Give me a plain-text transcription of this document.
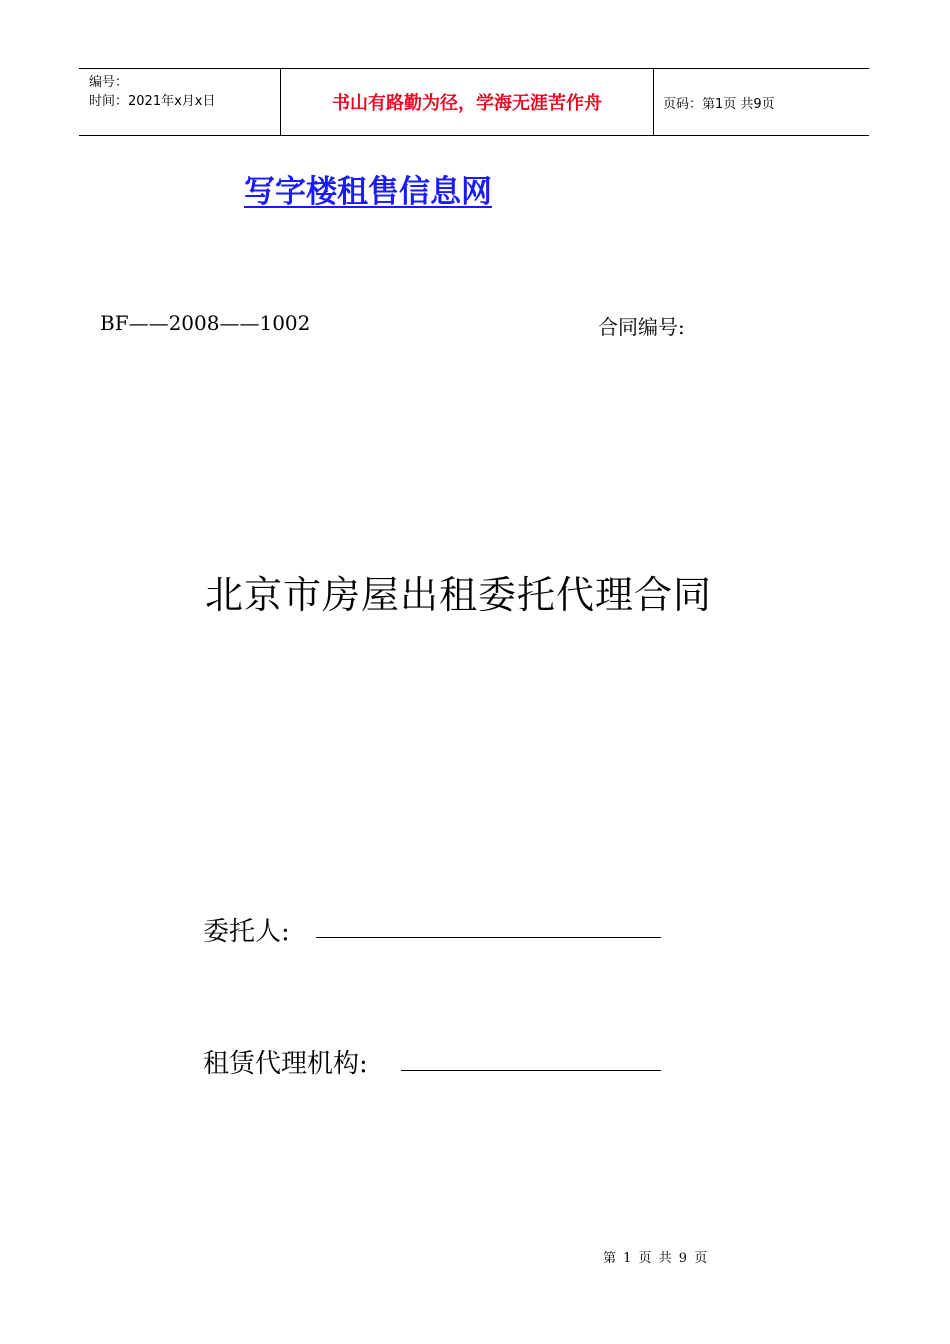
编号：
时间：2021年x月x日	书山有路勤为径，学海无涯苦作舟	页码：第1页 共9页
写字楼租售信息网
BF——2008——1002	合同编号:
北京市房屋出租委托代理合同
委托人:
租赁代理机构:
第 1 页 共 9 页
